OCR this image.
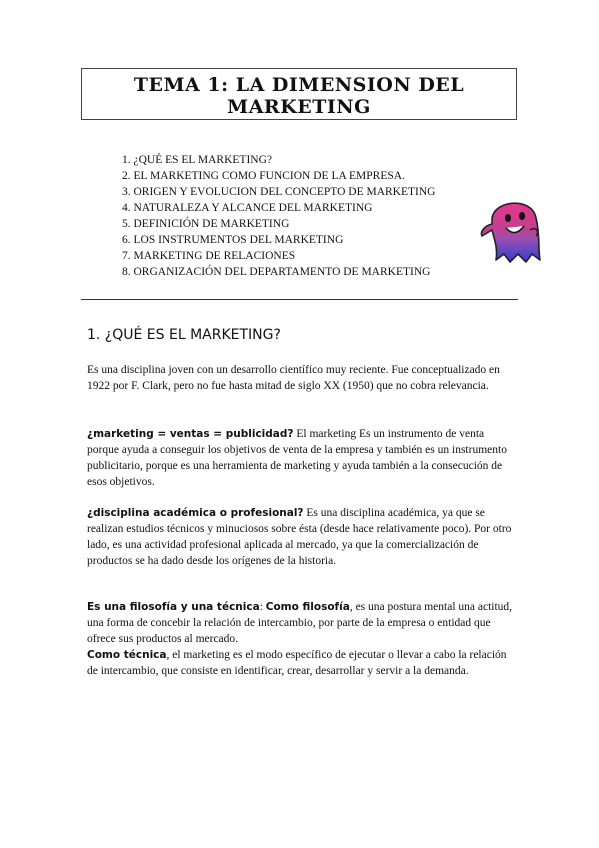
TEMA 1: LA DIMENSION DEL
MARKETING
1. ¿QUÉ ES EL MARKETING?
2. EL MARKETING COMO FUNCION DE LA EMPRESA.
3. ORIGEN Y EVOLUCION DEL CONCEPTO DE MARKETING
4. NATURALEZA Y ALCANCE DEL MARKETING
5. DEFINICIÓN DE MARKETING
6. LOS INSTRUMENTOS DEL MARKETING
7. MARKETING DE RELACIONES
8. ORGANIZACIÓN DEL DEPARTAMENTO DE MARKETING
1. ¿QUÉ ES EL MARKETING?

Es una disciplina joven con un desarrollo científico muy reciente. Fue conceptualizado en 1922 por F. Clark, pero no fue hasta mitad de siglo XX (1950) que no cobra relevancia.

¿marketing = ventas = publicidad? El marketing Es un instrumento de venta porque ayuda a conseguir los objetivos de venta de la empresa y también es un instrumento publicitario, porque es una herramienta de marketing y ayuda también a la consecución de esos objetivos.

¿disciplina académica o profesional? Es una disciplina académica, ya que se realizan estudios técnicos y minuciosos sobre ésta (desde hace relativamente poco). Por otro lado, es una actividad profesional aplicada al mercado, ya que la comercialización de productos se ha dado desde los orígenes de la historia.

Es una filosofía y una técnica: Como filosofía, es una postura mental una actitud, una forma de concebir la relación de intercambio, por parte de la empresa o entidad que ofrece sus productos al mercado.

Como técnica, el marketing es el modo específico de ejecutar o llevar a cabo la relación de intercambio, que consiste en identificar, crear, desarrollar y servir a la demanda.
